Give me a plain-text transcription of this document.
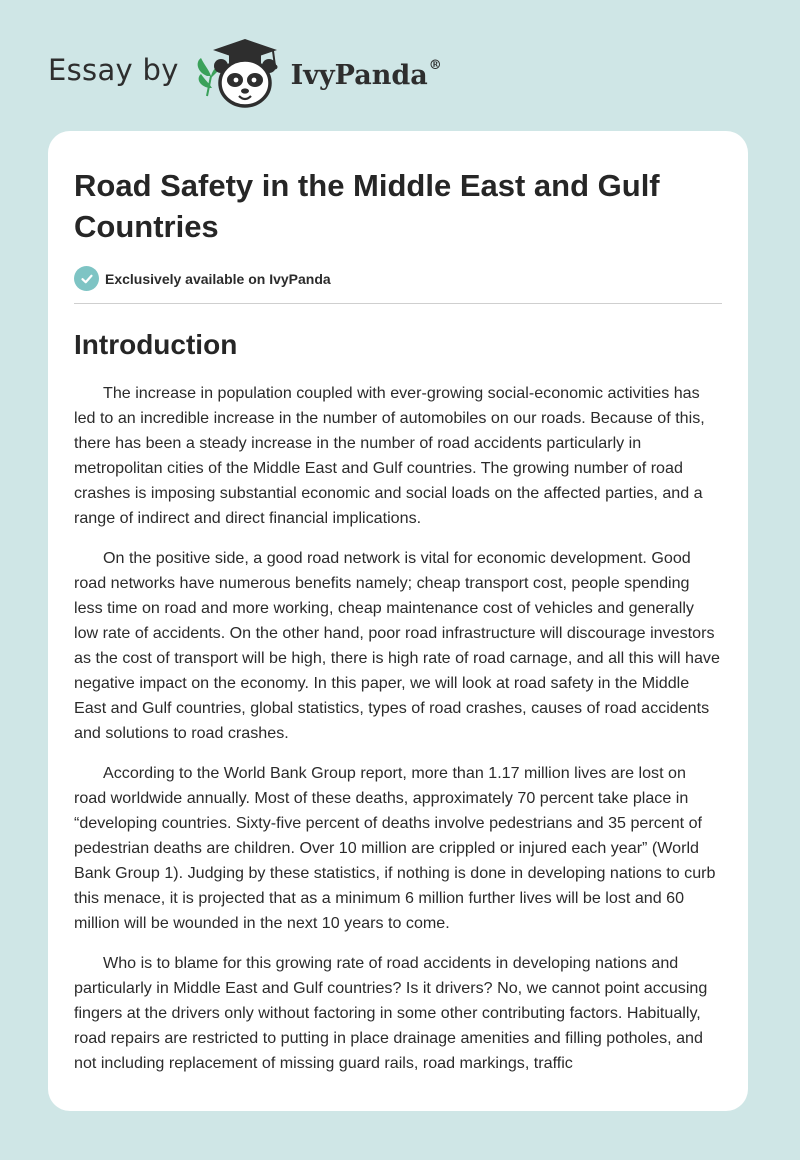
Essay by	IvyPanda®
Road Safety in the Middle East and Gulf Countries
Exclusively available on IvyPanda
Introduction

The increase in population coupled with ever-growing social-economic activities has led to an incredible increase in the number of automobiles on our roads. Because of this, there has been a steady increase in the number of road accidents particularly in metropolitan cities of the Middle East and Gulf countries. The growing number of road crashes is imposing substantial economic and social loads on the affected parties, and a range of indirect and direct financial implications.

On the positive side, a good road network is vital for economic development. Good road networks have numerous benefits namely; cheap transport cost, people spending less time on road and more working, cheap maintenance cost of vehicles and generally low rate of accidents. On the other hand, poor road infrastructure will discourage investors as the cost of transport will be high, there is high rate of road carnage, and all this will have negative impact on the economy. In this paper, we will look at road safety in the Middle East and Gulf countries, global statistics, types of road crashes, causes of road accidents and solutions to road crashes.

According to the World Bank Group report, more than 1.17 million lives are lost on road worldwide annually. Most of these deaths, approximately 70 percent take place in “developing countries. Sixty-five percent of deaths involve pedestrians and 35 percent of pedestrian deaths are children. Over 10 million are crippled or injured each year” (World Bank Group 1). Judging by these statistics, if nothing is done in developing nations to curb this menace, it is projected that as a minimum 6 million further lives will be lost and 60 million will be wounded in the next 10 years to come.

Who is to blame for this growing rate of road accidents in developing nations and particularly in Middle East and Gulf countries? Is it drivers? No, we cannot point accusing fingers at the drivers only without factoring in some other contributing factors. Habitually, road repairs are restricted to putting in place drainage amenities and filling potholes, and not including replacement of missing guard rails, road markings, traffic
